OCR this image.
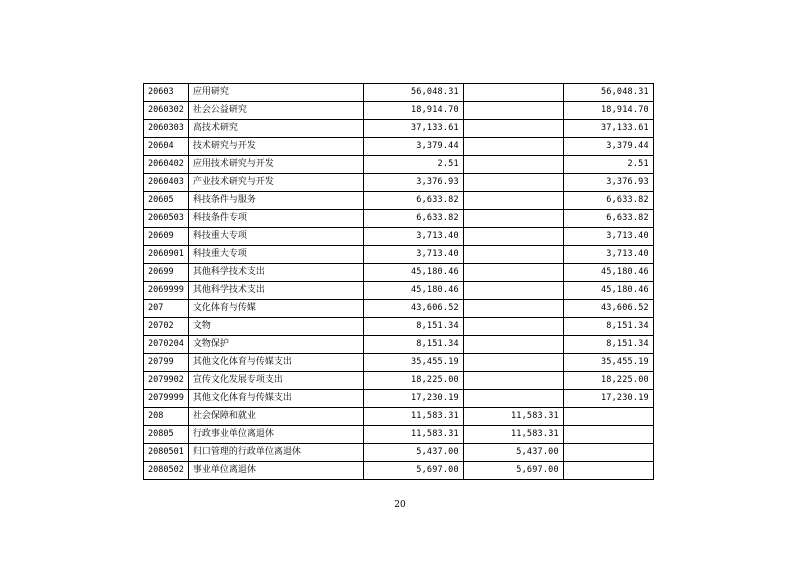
20603	应用研究	56,048.31		56,048.31
2060302	社会公益研究	18,914.70		18,914.70
2060303	高技术研究	37,133.61		37,133.61
20604	技术研究与开发	3,379.44		3,379.44
2060402	应用技术研究与开发	2.51		2.51
2060403	产业技术研究与开发	3,376.93		3,376.93
20605	科技条件与服务	6,633.82		6,633.82
2060503	科技条件专项	6,633.82		6,633.82
20609	科技重大专项	3,713.40		3,713.40
2060901	科技重大专项	3,713.40		3,713.40
20699	其他科学技术支出	45,180.46		45,180.46
2069999	其他科学技术支出	45,180.46		45,180.46
207	文化体育与传媒	43,606.52		43,606.52
20702	文物	8,151.34		8,151.34
2070204	文物保护	8,151.34		8,151.34
20799	其他文化体育与传媒支出	35,455.19		35,455.19
2079902	宣传文化发展专项支出	18,225.00		18,225.00
2079999	其他文化体育与传媒支出	17,230.19		17,230.19
208	社会保障和就业	11,583.31	11,583.31	
20805	行政事业单位离退休	11,583.31	11,583.31	
2080501	归口管理的行政单位离退休	5,437.00	5,437.00	
2080502	事业单位离退休	5,697.00	5,697.00	
20
